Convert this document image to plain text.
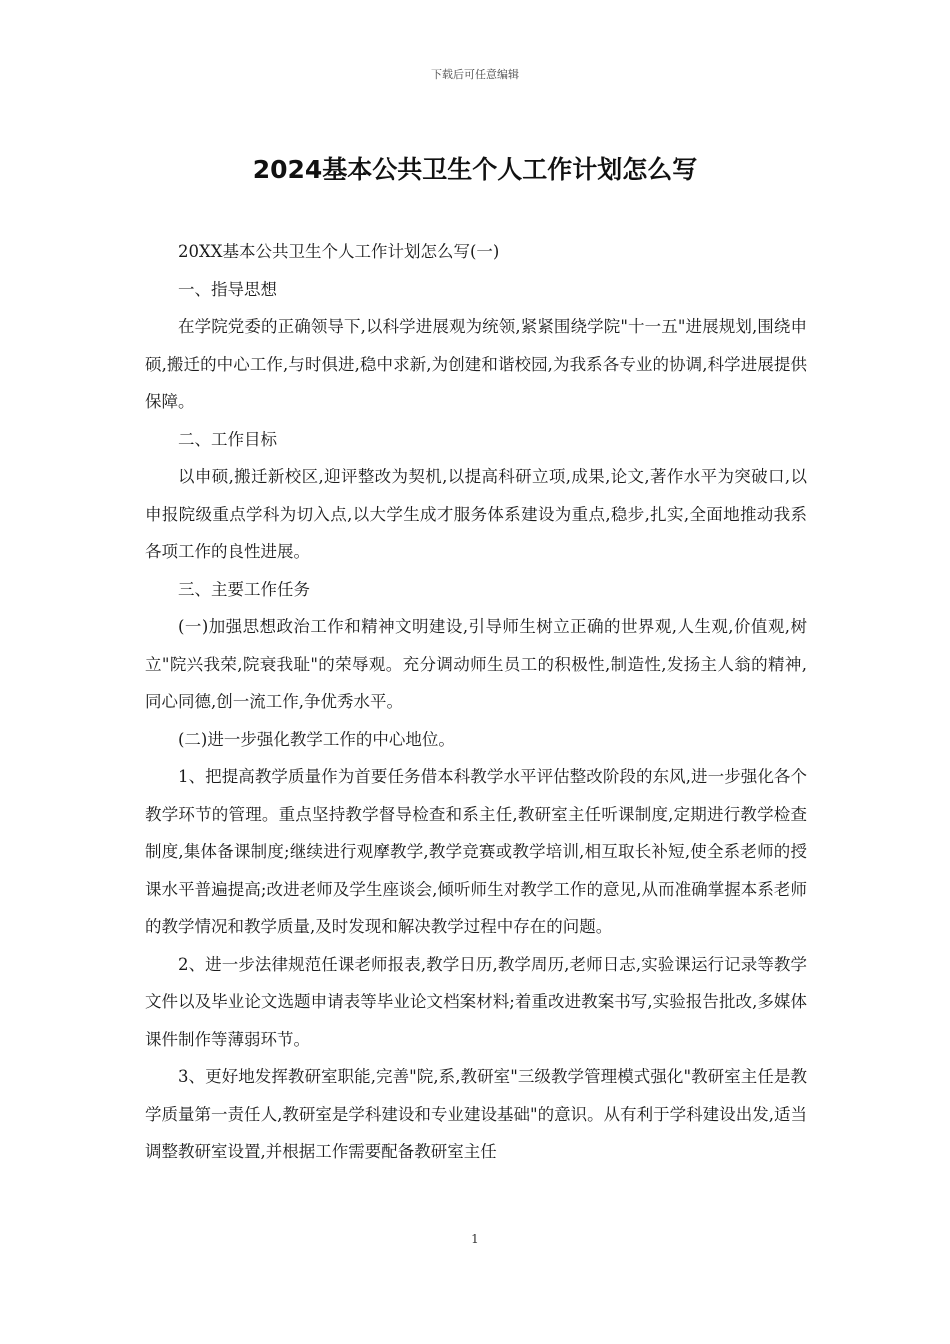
下载后可任意编辑
2024基本公共卫生个人工作计划怎么写

20XX基本公共卫生个人工作计划怎么写(一)

一、指导思想

在学院党委的正确领导下,以科学进展观为统领,紧紧围绕学院"十一五"进展规划,围绕申硕,搬迁的中心工作,与时俱进,稳中求新,为创建和谐校园,为我系各专业的协调,科学进展提供保障。

二、工作目标

以申硕,搬迁新校区,迎评整改为契机,以提高科研立项,成果,论文,著作水平为突破口,以申报院级重点学科为切入点,以大学生成才服务体系建设为重点,稳步,扎实,全面地推动我系各项工作的良性进展。

三、主要工作任务

(一)加强思想政治工作和精神文明建设,引导师生树立正确的世界观,人生观,价值观,树立"院兴我荣,院衰我耻"的荣辱观。充分调动师生员工的积极性,制造性,发扬主人翁的精神,同心同德,创一流工作,争优秀水平。

(二)进一步强化教学工作的中心地位。

1、把提高教学质量作为首要任务借本科教学水平评估整改阶段的东风,进一步强化各个教学环节的管理。重点坚持教学督导检查和系主任,教研室主任听课制度,定期进行教学检查制度,集体备课制度;继续进行观摩教学,教学竞赛或教学培训,相互取长补短,使全系老师的授课水平普遍提高;改进老师及学生座谈会,倾听师生对教学工作的意见,从而准确掌握本系老师的教学情况和教学质量,及时发现和解决教学过程中存在的问题。

2、进一步法律规范任课老师报表,教学日历,教学周历,老师日志,实验课运行记录等教学文件以及毕业论文选题申请表等毕业论文档案材料;着重改进教案书写,实验报告批改,多媒体课件制作等薄弱环节。

3、更好地发挥教研室职能,完善"院,系,教研室"三级教学管理模式强化"教研室主任是教学质量第一责任人,教研室是学科建设和专业建设基础"的意识。从有利于学科建设出发,适当调整教研室设置,并根据工作需要配备教研室主任

1
